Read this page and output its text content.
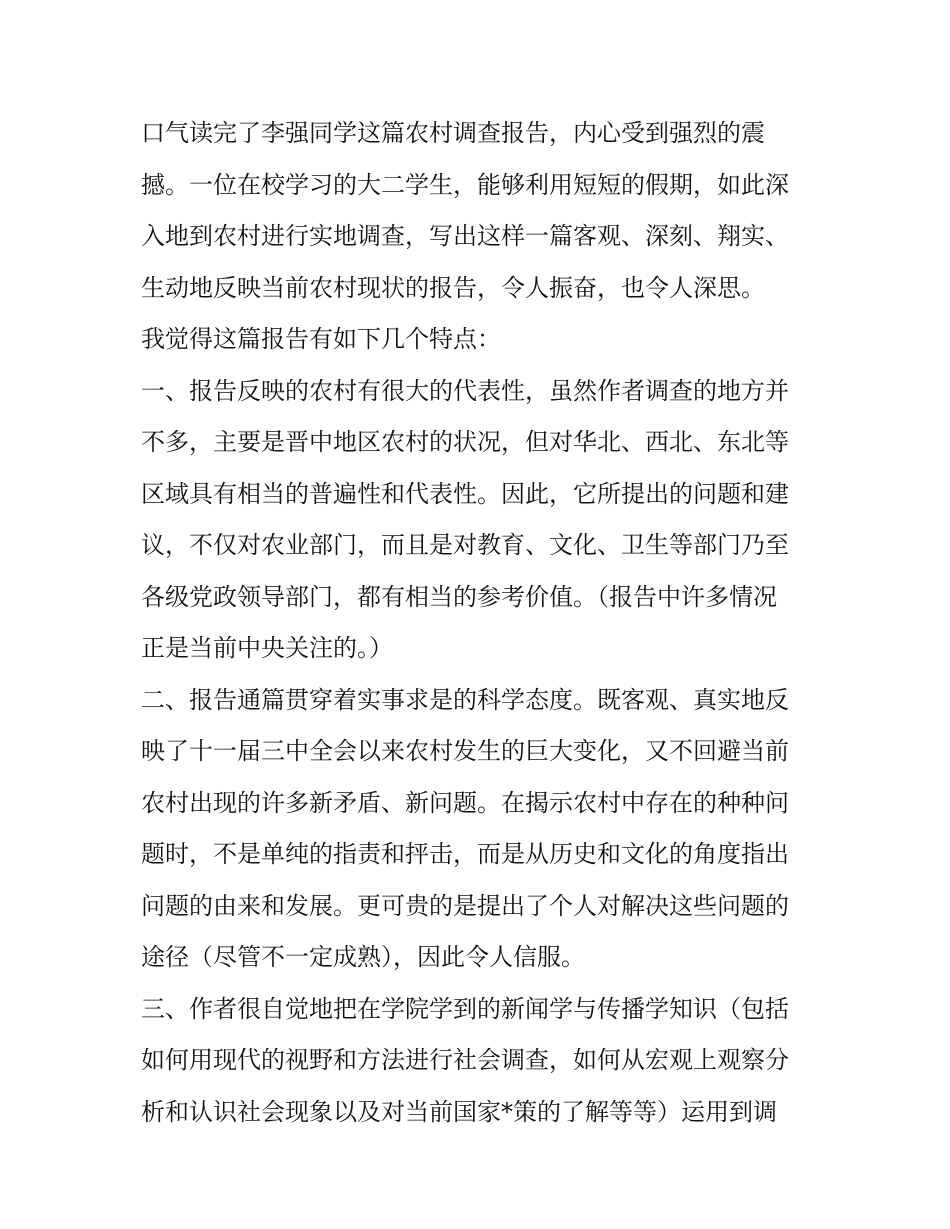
口气读完了李强同学这篇农村调查报告，内心受到强烈的震
撼。一位在校学习的大二学生，能够利用短短的假期，如此深
入地到农村进行实地调查，写出这样一篇客观、深刻、翔实、
生动地反映当前农村现状的报告，令人振奋，也令人深思。
我觉得这篇报告有如下几个特点：
一、报告反映的农村有很大的代表性，虽然作者调查的地方并
不多，主要是晋中地区农村的状况，但对华北、西北、东北等
区域具有相当的普遍性和代表性。因此，它所提出的问题和建
议，不仅对农业部门，而且是对教育、文化、卫生等部门乃至
各级党政领导部门，都有相当的参考价值。（报告中许多情况
正是当前中央关注的。）
二、报告通篇贯穿着实事求是的科学态度。既客观、真实地反
映了十一届三中全会以来农村发生的巨大变化，又不回避当前
农村出现的许多新矛盾、新问题。在揭示农村中存在的种种问
题时，不是单纯的指责和抨击，而是从历史和文化的角度指出
问题的由来和发展。更可贵的是提出了个人对解决这些问题的
途径（尽管不一定成熟），因此令人信服。
三、作者很自觉地把在学院学到的新闻学与传播学知识（包括
如何用现代的视野和方法进行社会调查，如何从宏观上观察分
析和认识社会现象以及对当前国家*策的了解等等）运用到调
